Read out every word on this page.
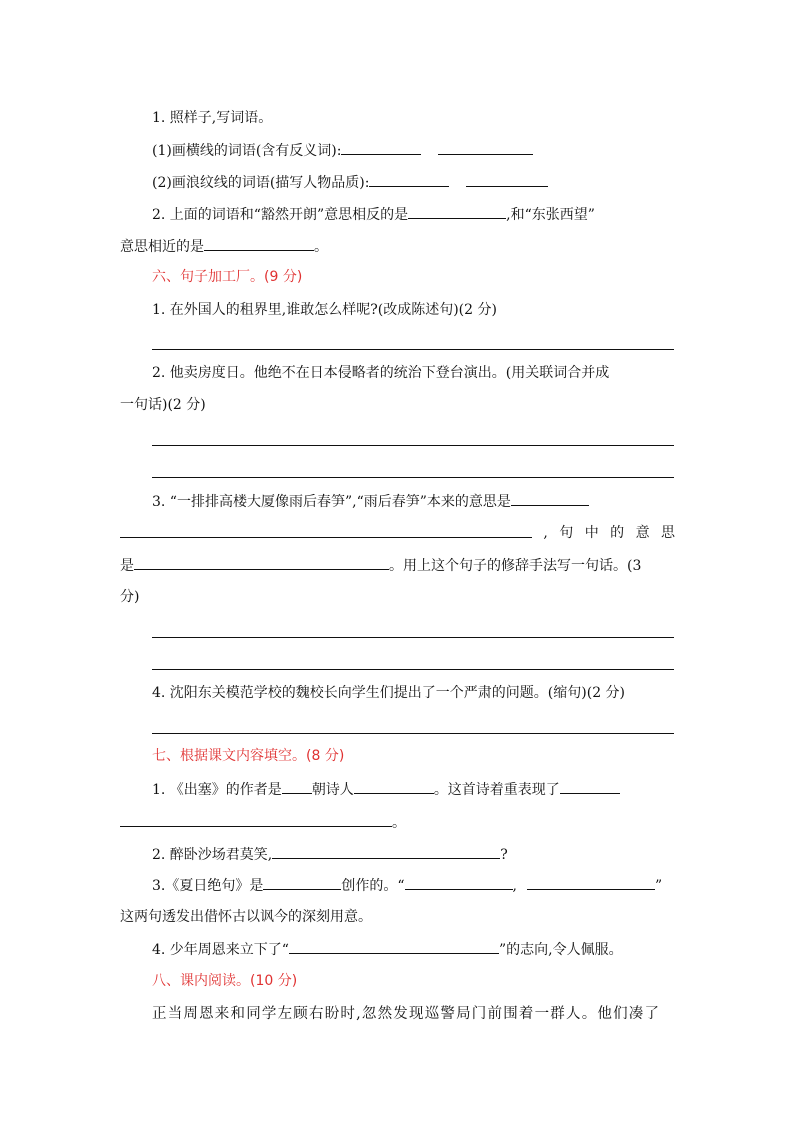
1. 照样子,写词语。
(1)画横线的词语(含有反义词):
(2)画浪纹线的词语(描写人物品质):
2. 上面的词语和“豁然开朗”意思相反的是	,和“东张西望”
意思相近的是	。
六、句子加工厂。(9 分)
1. 在外国人的租界里,谁敢怎么样呢?(改成陈述句)(2 分)
2. 他卖房度日。他绝不在日本侵略者的统治下登台演出。(用关联词合并成
一句话)(2 分)
3. “一排排高楼大厦像雨后春笋”,“雨后春笋”本来的意思是
, 句 中 的 意 思
是	。用上这个句子的修辞手法写一句话。(3
分)
4. 沈阳东关模范学校的魏校长向学生们提出了一个严肃的问题。(缩句)(2 分)
七、根据课文内容填空。(8 分)
1. 《出塞》的作者是 朝诗人	。这首诗着重表现了
。
2. 醉卧沙场君莫笑,	?
3.《夏日绝句》是	创作的。“	,	”
这两句透发出借怀古以讽今的深刻用意。
4. 少年周恩来立下了“	”的志向,令人佩服。
八、课内阅读。(10 分)
正当周恩来和同学左顾右盼时,忽然发现巡警局门前围着一群人。他们凑了
